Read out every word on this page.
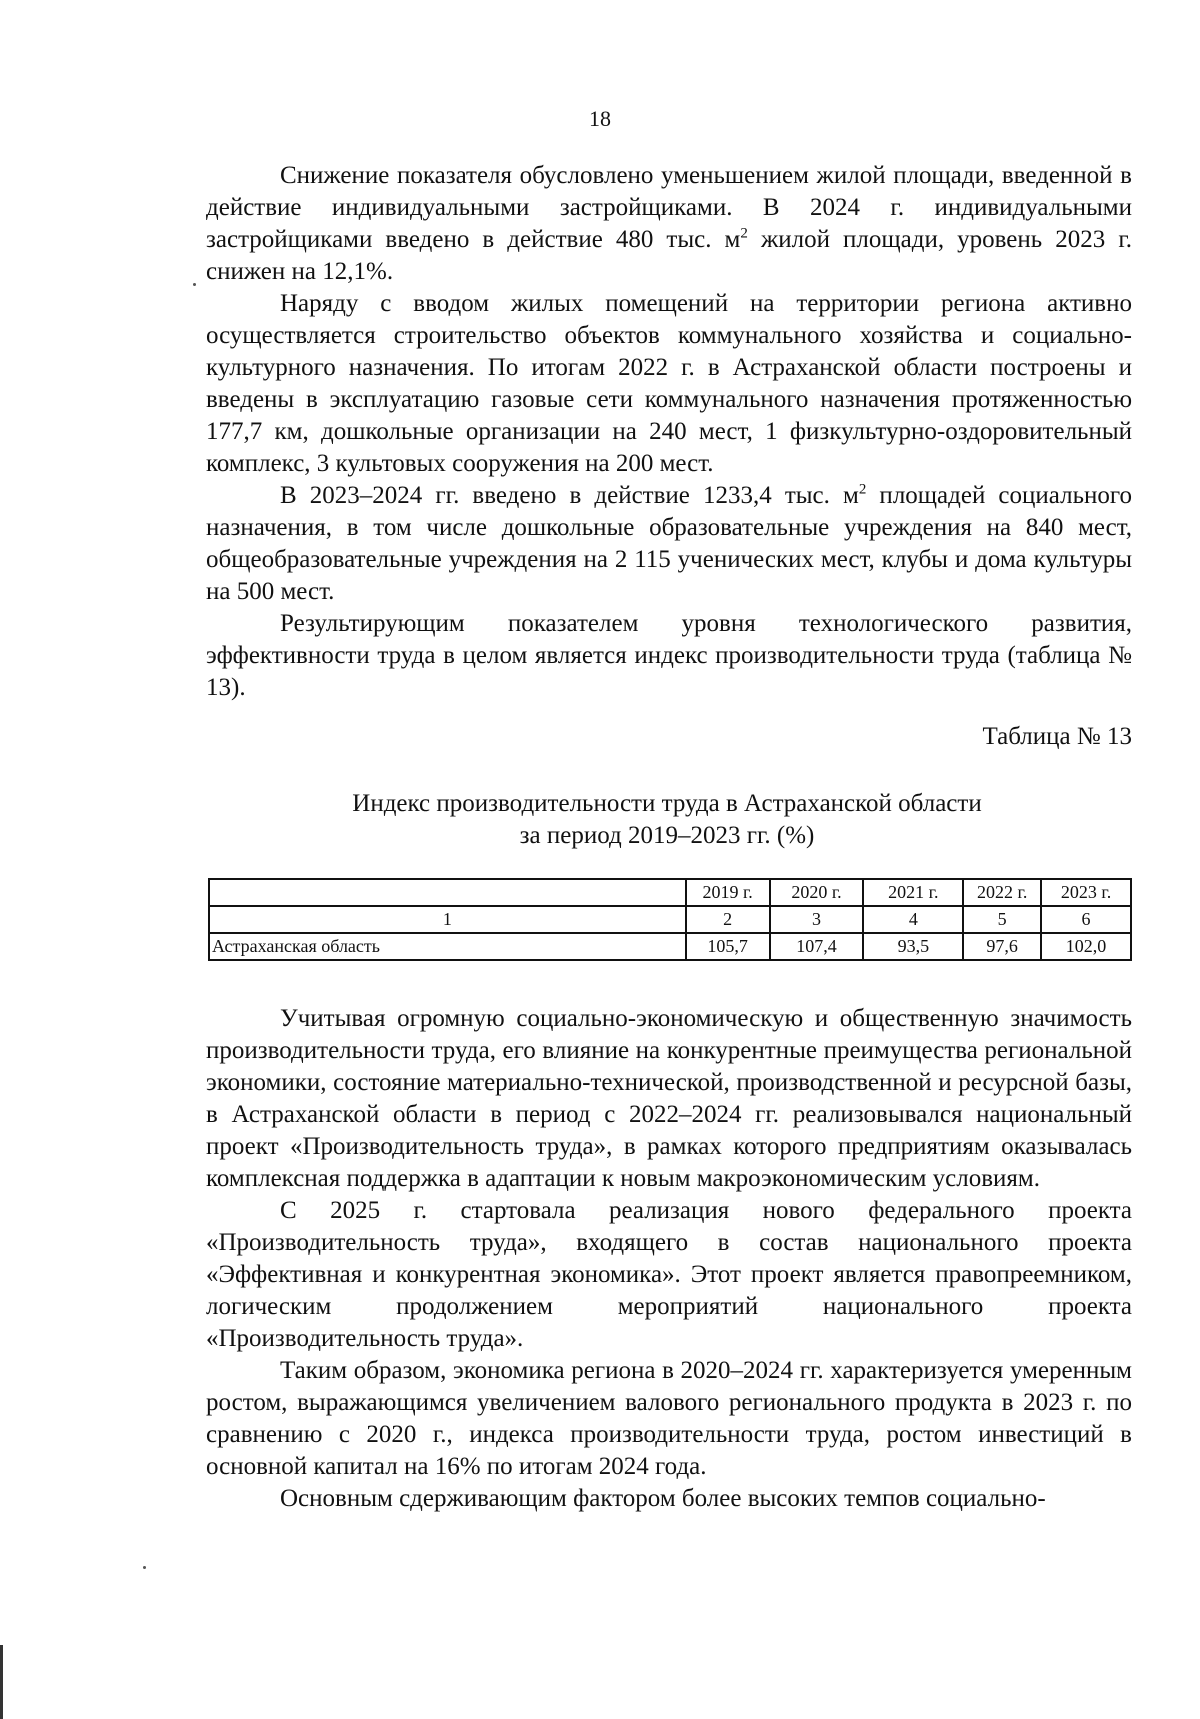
18

Снижение показателя обусловлено уменьшением жилой площади, введенной в действие индивидуальными застройщиками. В 2024 г. индивидуальными застройщиками введено в действие 480 тыс. $м^2$ жилой площади, уровень 2023 г. снижен на 12,1%.

Наряду с вводом жилых помещений на территории региона активно осуществляется строительство объектов коммунального хозяйства и социально-культурного назначения. По итогам 2022 г. в Астраханской области построены и введены в эксплуатацию газовые сети коммунального назначения протяженностью 177,7 км, дошкольные организации на 240 мест, 1 физкультурно-оздоровительный комплекс, 3 культовых сооружения на 200 мест.

В 2023–2024 гг. введено в действие 1233,4 тыс. $м^2$ площадей социального назначения, в том числе дошкольные образовательные учреждения на 840 мест, общеобразовательные учреждения на 2 115 ученических мест, клубы и дома культуры на 500 мест.

Результирующим показателем уровня технологического развития, эффективности труда в целом является индекс производительности труда (таблица № 13).

Таблица № 13
Индекс производительности труда в Астраханской области
за период 2019–2023 гг. (%)
	2019 г.	2020 г.	2021 г.	2022 г.	2023 г.
1	2	3	4	5	6
Астраханская область	105,7	107,4	93,5	97,6	102,0

Учитывая огромную социально-экономическую и общественную значимость производительности труда, его влияние на конкурентные преимущества региональной экономики, состояние материально-технической, производственной и ресурсной базы, в Астраханской области в период с 2022–2024 гг. реализовывался национальный проект «Производительность труда», в рамках которого предприятиям оказывалась комплексная поддержка в адаптации к новым макроэкономическим условиям.

С 2025 г. стартовала реализация нового федерального проекта «Производительность труда», входящего в состав национального проекта «Эффективная и конкурентная экономика». Этот проект является правопреемником, логическим продолжением мероприятий национального проекта «Производительность труда».

Таким образом, экономика региона в 2020–2024 гг. характеризуется умеренным ростом, выражающимся увеличением валового регионального продукта в 2023 г. по сравнению с 2020 г., индекса производительности труда, ростом инвестиций в основной капитал на 16% по итогам 2024 года.

Основным сдерживающим фактором более высоких темпов социально-
